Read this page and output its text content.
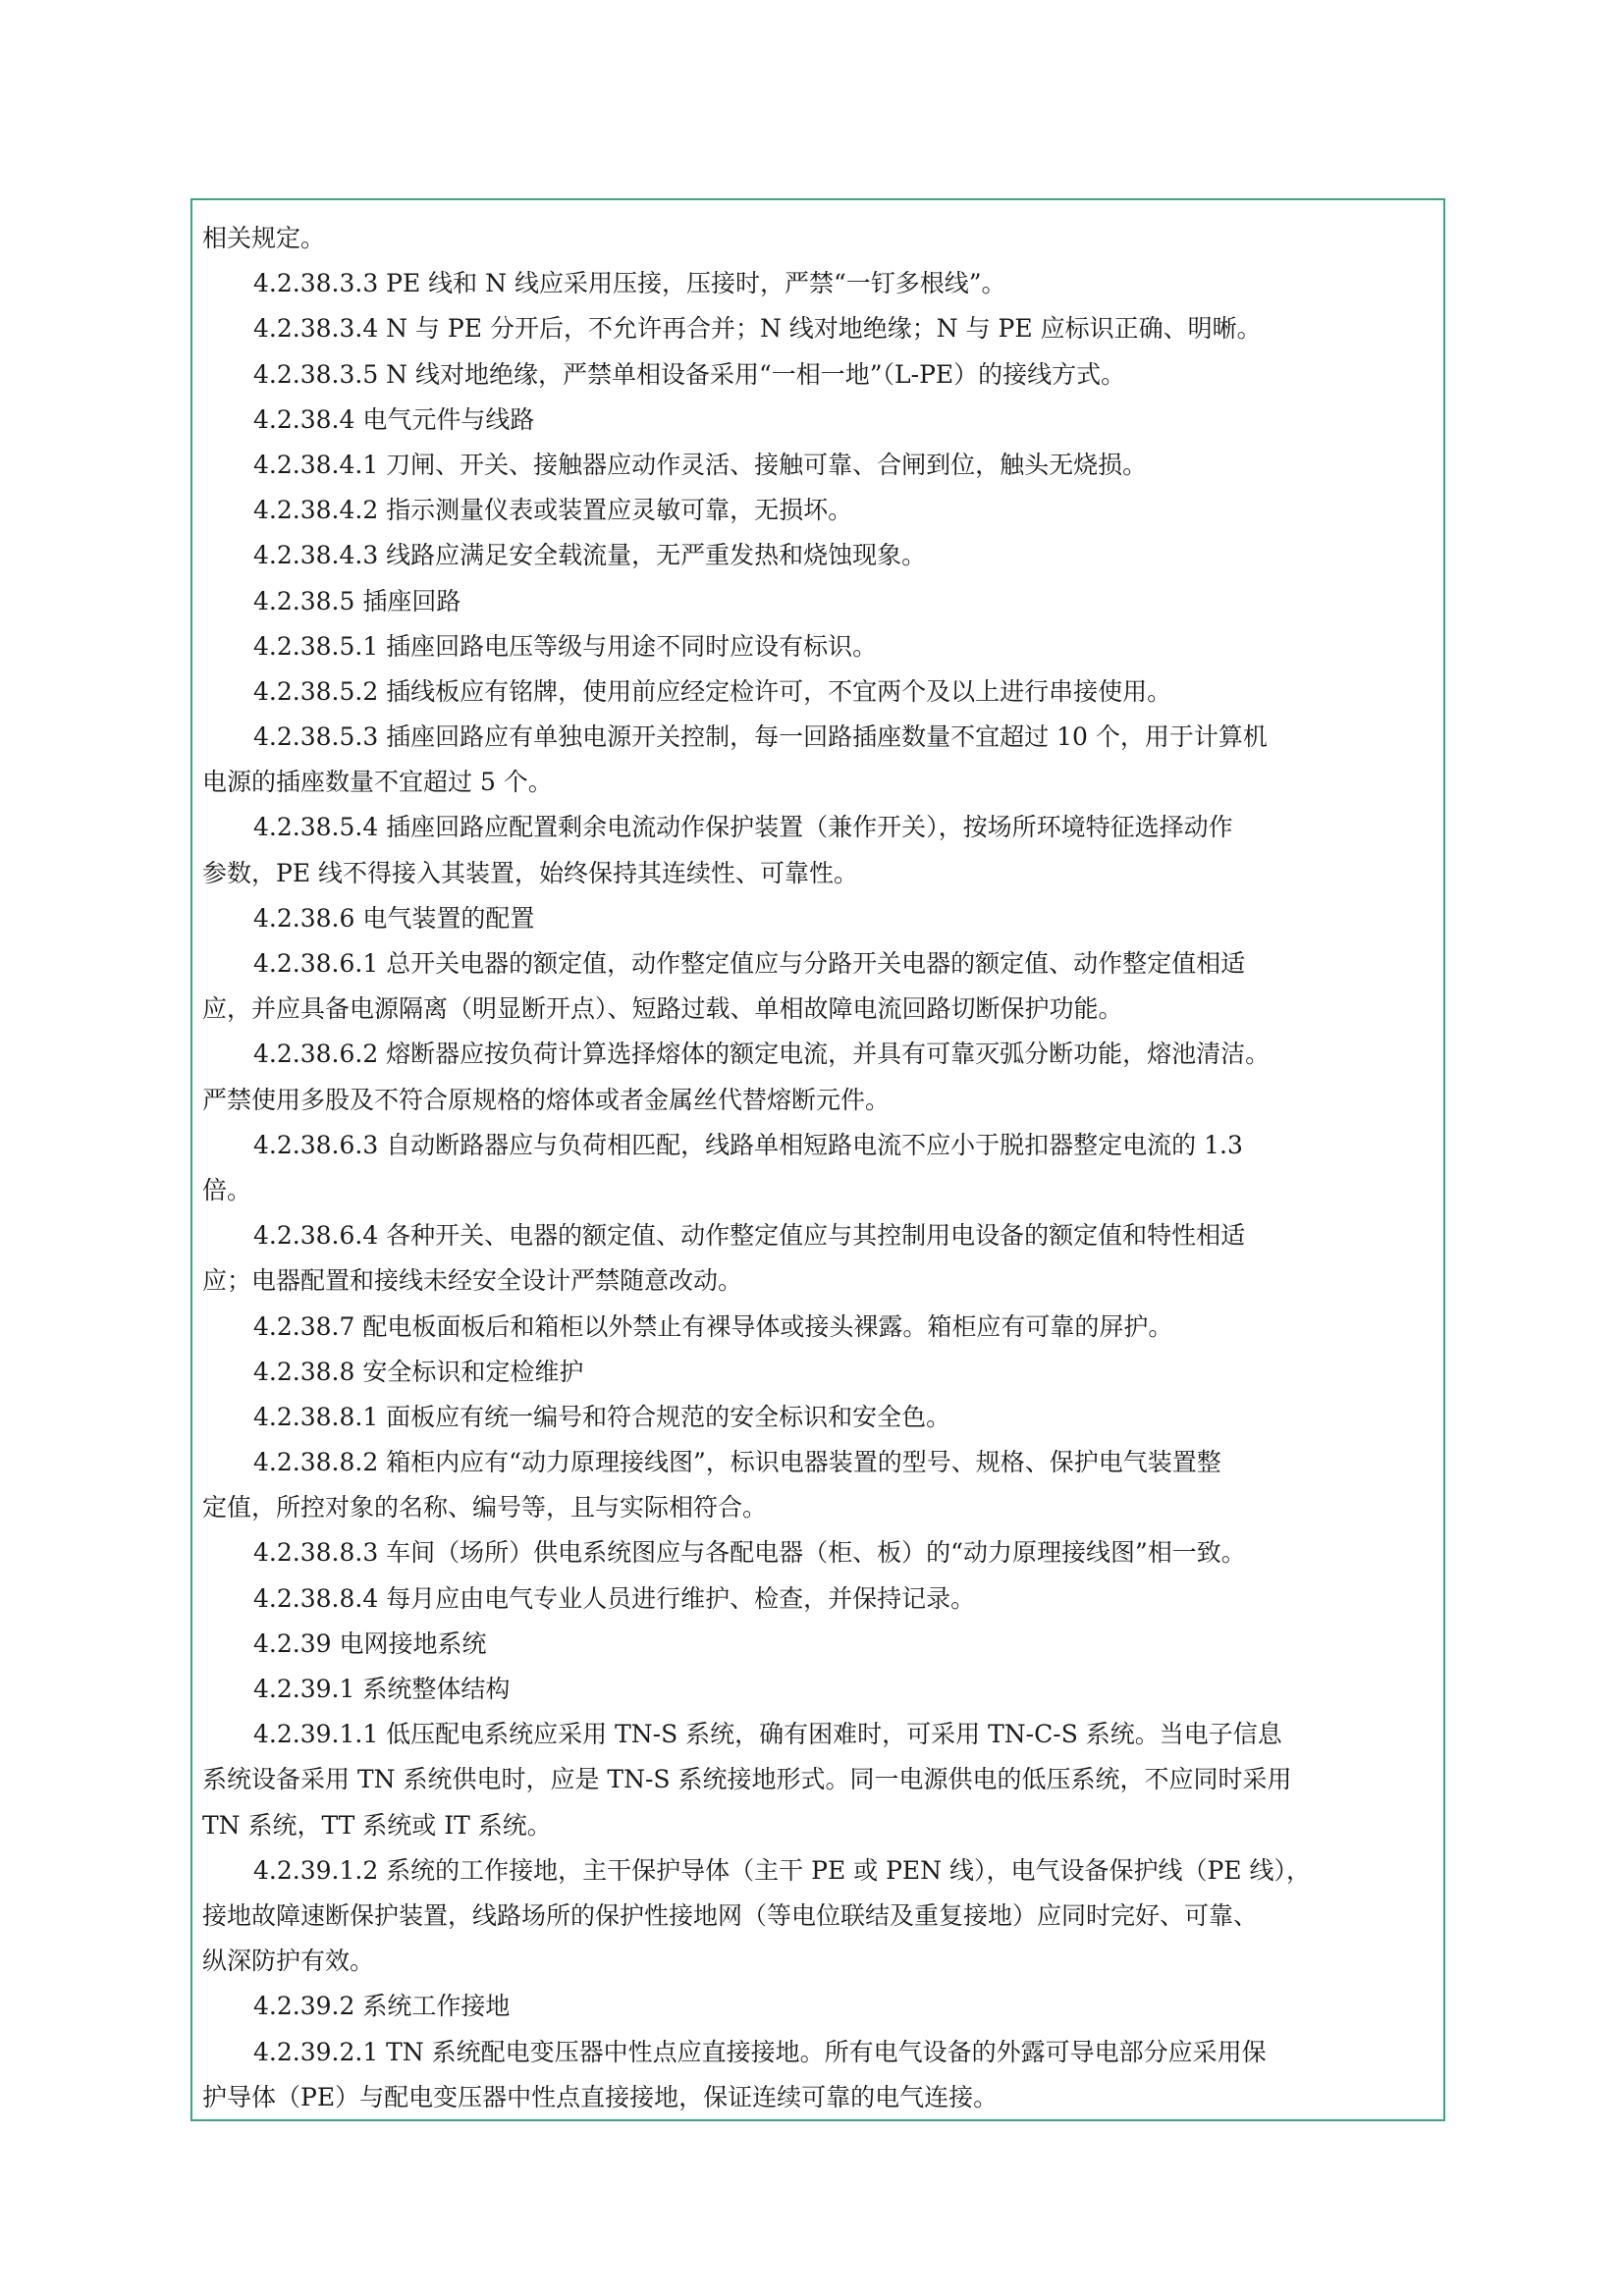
相关规定。
4.2.38.3.3 PE 线和 N 线应采用压接，压接时，严禁“一钉多根线”。
4.2.38.3.4 N 与 PE 分开后，不允许再合并；N 线对地绝缘；N 与 PE 应标识正确、明晰。
4.2.38.3.5 N 线对地绝缘，严禁单相设备采用“一相一地”（L-PE）的接线方式。
4.2.38.4 电气元件与线路
4.2.38.4.1 刀闸、开关、接触器应动作灵活、接触可靠、合闸到位，触头无烧损。
4.2.38.4.2 指示测量仪表或装置应灵敏可靠，无损坏。
4.2.38.4.3 线路应满足安全载流量，无严重发热和烧蚀现象。
4.2.38.5 插座回路
4.2.38.5.1 插座回路电压等级与用途不同时应设有标识。
4.2.38.5.2 插线板应有铭牌，使用前应经定检许可，不宜两个及以上进行串接使用。
4.2.38.5.3 插座回路应有单独电源开关控制，每一回路插座数量不宜超过 10 个，用于计算机
电源的插座数量不宜超过 5 个。
4.2.38.5.4 插座回路应配置剩余电流动作保护装置（兼作开关），按场所环境特征选择动作
参数，PE 线不得接入其装置，始终保持其连续性、可靠性。
4.2.38.6 电气装置的配置
4.2.38.6.1 总开关电器的额定值，动作整定值应与分路开关电器的额定值、动作整定值相适
应，并应具备电源隔离（明显断开点）、短路过载、单相故障电流回路切断保护功能。
4.2.38.6.2 熔断器应按负荷计算选择熔体的额定电流，并具有可靠灭弧分断功能，熔池清洁。
严禁使用多股及不符合原规格的熔体或者金属丝代替熔断元件。
4.2.38.6.3 自动断路器应与负荷相匹配，线路单相短路电流不应小于脱扣器整定电流的 1.3
倍。
4.2.38.6.4 各种开关、电器的额定值、动作整定值应与其控制用电设备的额定值和特性相适
应；电器配置和接线未经安全设计严禁随意改动。
4.2.38.7 配电板面板后和箱柜以外禁止有裸导体或接头裸露。箱柜应有可靠的屏护。
4.2.38.8 安全标识和定检维护
4.2.38.8.1 面板应有统一编号和符合规范的安全标识和安全色。
4.2.38.8.2 箱柜内应有“动力原理接线图”，标识电器装置的型号、规格、保护电气装置整
定值，所控对象的名称、编号等，且与实际相符合。
4.2.38.8.3 车间（场所）供电系统图应与各配电器（柜、板）的“动力原理接线图”相一致。
4.2.38.8.4 每月应由电气专业人员进行维护、检查，并保持记录。
4.2.39 电网接地系统
4.2.39.1 系统整体结构
4.2.39.1.1 低压配电系统应采用 TN-S 系统，确有困难时，可采用 TN-C-S 系统。当电子信息
系统设备采用 TN 系统供电时，应是 TN-S 系统接地形式。同一电源供电的低压系统，不应同时采用
TN 系统，TT 系统或 IT 系统。
4.2.39.1.2 系统的工作接地，主干保护导体（主干 PE 或 PEN 线），电气设备保护线（PE 线），
接地故障速断保护装置，线路场所的保护性接地网（等电位联结及重复接地）应同时完好、可靠、
纵深防护有效。
4.2.39.2 系统工作接地
4.2.39.2.1 TN 系统配电变压器中性点应直接接地。所有电气设备的外露可导电部分应采用保
护导体（PE）与配电变压器中性点直接接地，保证连续可靠的电气连接。
